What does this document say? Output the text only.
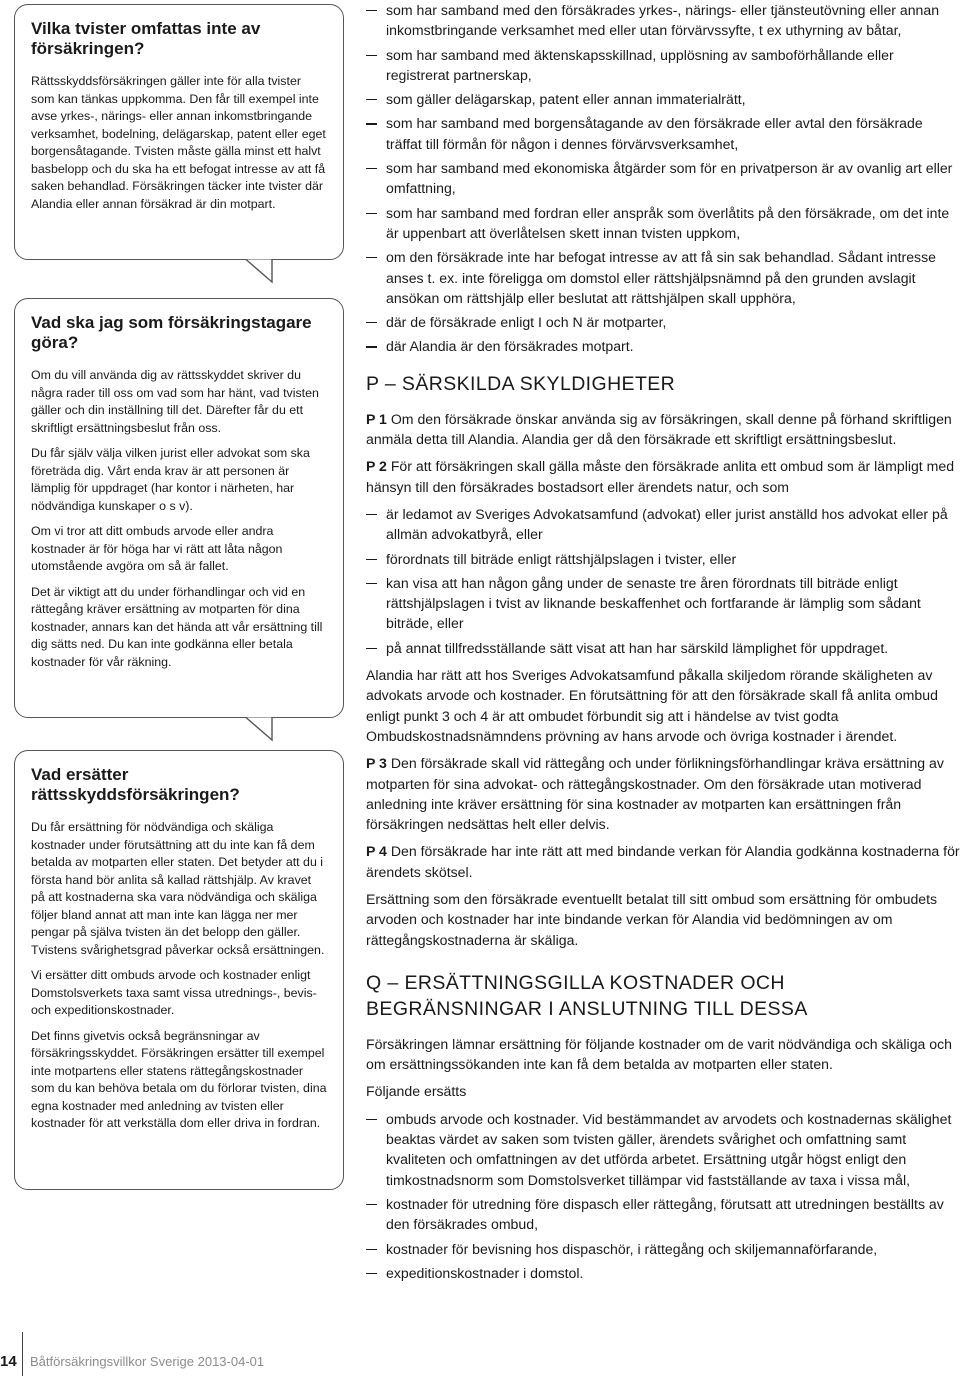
Vilka tvister omfattas inte av försäkringen?

Rättsskyddsförsäkringen gäller inte för alla tvister som kan tänkas uppkomma. Den får till exempel inte avse yrkes-, närings- eller annan inkomstbringande verksamhet, bodelning, delägarskap, patent eller eget borgensåtagande. Tvisten måste gälla minst ett halvt basbelopp och du ska ha ett befogat intresse av att få saken behandlad. Försäkringen täcker inte tvister där Alandia eller annan försäkrad är din motpart.

Vad ska jag som försäkringstagare göra?

Om du vill använda dig av rättsskyddet skriver du några rader till oss om vad som har hänt, vad tvisten gäller och din inställning till det. Därefter får du ett skriftligt ersättningsbeslut från oss.

Du får själv välja vilken jurist eller advokat som ska företräda dig. Vårt enda krav är att personen är lämplig för uppdraget (har kontor i närheten, har nödvändiga kunskaper o s v).

Om vi tror att ditt ombuds arvode eller andra kostnader är för höga har vi rätt att låta någon utomstående avgöra om så är fallet.

Det är viktigt att du under förhandlingar och vid en rättegång kräver ersättning av motparten för dina kostnader, annars kan det hända att vår ersättning till dig sätts ned. Du kan inte godkänna eller betala kostnader för vår räkning.

Vad ersätter rättsskyddsförsäkringen?

Du får ersättning för nödvändiga och skäliga kostnader under förutsättning att du inte kan få dem betalda av motparten eller staten. Det betyder att du i första hand bör anlita så kallad rättshjälp. Av kravet på att kostnaderna ska vara nödvändiga och skäliga följer bland annat att man inte kan lägga ner mer pengar på själva tvisten än det belopp den gäller. Tvistens svårighetsgrad påverkar också ersättningen.

Vi ersätter ditt ombuds arvode och kostnader enligt Domstolsverkets taxa samt vissa utrednings-, bevis- och expeditionskostnader.

Det finns givetvis också begränsningar av försäkringsskyddet. Försäkringen ersätter till exempel inte motpartens eller statens rättegångskostnader som du kan behöva betala om du förlorar tvisten, dina egna kostnader med anledning av tvisten eller kostnader för att verkställa dom eller driva in fordran.

som har samband med den försäkrades yrkes-, närings- eller tjänsteutövning eller annan inkomstbringande verksamhet med eller utan förvärvssyfte, t ex uthyrning av båtar,
som har samband med äktenskapsskillnad, upplösning av samboförhållande eller registrerat partnerskap,
som gäller delägarskap, patent eller annan immaterialrätt,
som har samband med borgensåtagande av den försäkrade eller avtal den försäkrade träffat till förmån för någon i dennes förvärvsverksamhet,
som har samband med ekonomiska åtgärder som för en privatperson är av ovanlig art eller omfattning,
som har samband med fordran eller anspråk som överlåtits på den försäkrade, om det inte är uppenbart att överlåtelsen skett innan tvisten uppkom,
om den försäkrade inte har befogat intresse av att få sin sak behandlad. Sådant intresse anses t. ex. inte föreligga om domstol eller rättshjälpsnämnd på den grunden avslagit ansökan om rättshjälp eller beslutat att rättshjälpen skall upphöra,
där de försäkrade enligt I och N är motparter,
där Alandia är den försäkrades motpart.
P – SÄRSKILDA SKYLDIGHETER

P 1 Om den försäkrade önskar använda sig av försäkringen, skall denne på förhand skriftligen anmäla detta till Alandia. Alandia ger då den försäkrade ett skriftligt ersättningsbeslut.

P 2 För att försäkringen skall gälla måste den försäkrade anlita ett ombud som är lämpligt med hänsyn till den försäkrades bostadsort eller ärendets natur, och som

är ledamot av Sveriges Advokatsamfund (advokat) eller jurist anställd hos advokat eller på allmän advokatbyrå, eller
förordnats till biträde enligt rättshjälpslagen i tvister, eller
kan visa att han någon gång under de senaste tre åren förordnats till biträde enligt rättshjälpslagen i tvist av liknande beskaffenhet och fortfarande är lämplig som sådant biträde, eller
på annat tillfredsställande sätt visat att han har särskild lämplighet för uppdraget.

Alandia har rätt att hos Sveriges Advokatsamfund påkalla skiljedom rörande skäligheten av advokats arvode och kostnader. En förutsättning för att den försäkrade skall få anlita ombud enligt punkt 3 och 4 är att ombudet förbundit sig att i händelse av tvist godta Ombudskostnadsnämndens prövning av hans arvode och övriga kostnader i ärendet.

P 3 Den försäkrade skall vid rättegång och under förlikningsförhandlingar kräva ersättning av motparten för sina advokat- och rättegångskostnader. Om den försäkrade utan motiverad anledning inte kräver ersättning för sina kostnader av motparten kan ersättningen från försäkringen nedsättas helt eller delvis.

P 4 Den försäkrade har inte rätt att med bindande verkan för Alandia godkänna kostnaderna för ärendets skötsel.

Ersättning som den försäkrade eventuellt betalat till sitt ombud som ersättning för ombudets arvoden och kostnader har inte bindande verkan för Alandia vid bedömningen av om rättegångskostnaderna är skäliga.

Q – ERSÄTTNINGSGILLA KOSTNADER OCH
BEGRÄNSNINGAR I ANSLUTNING TILL DESSA

Försäkringen lämnar ersättning för följande kostnader om de varit nödvändiga och skäliga och om ersättningssökanden inte kan få dem betalda av motparten eller staten.

Följande ersätts

ombuds arvode och kostnader. Vid bestämmandet av arvodets och kostnadernas skälighet beaktas värdet av saken som tvisten gäller, ärendets svårighet och omfattning samt kvaliteten och omfattningen av det utförda arbetet. Ersättning utgår högst enligt den timkostnadsnorm som Domstolsverket tillämpar vid fastställande av taxa i vissa mål,
kostnader för utredning före dispasch eller rättegång, förutsatt att utredningen beställts av den försäkrades ombud,
kostnader för bevisning hos dispaschör, i rättegång och skiljemannaförfarande,
expeditionskostnader i domstol.
14 Båtförsäkringsvillkor Sverige 2013-04-01
